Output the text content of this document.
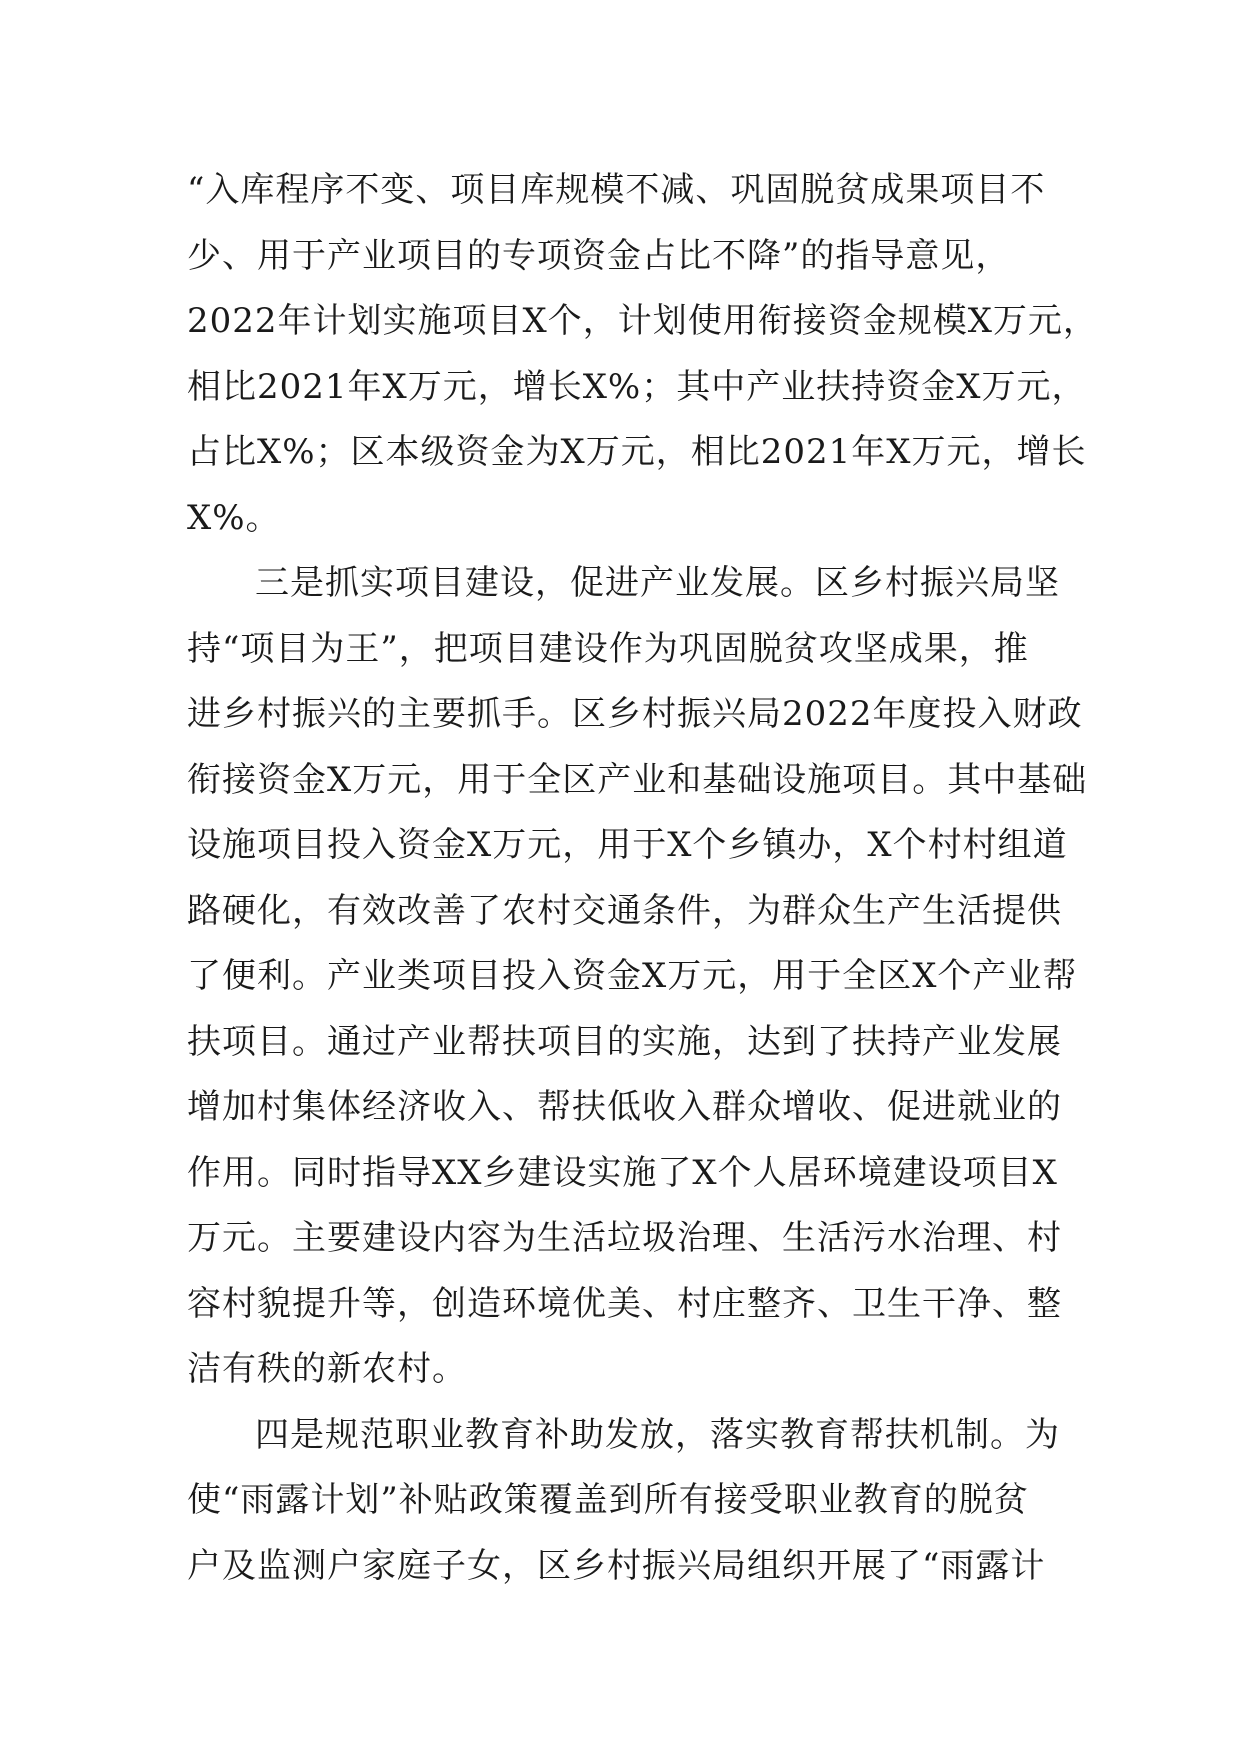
“入库程序不变、项目库规模不减、巩固脱贫成果项目不
少、用于产业项目的专项资金占比不降”的指导意见，
2022年计划实施项目X个，计划使用衔接资金规模X万元，
相比2021年X万元，增长X%；其中产业扶持资金X万元，
占比X%；区本级资金为X万元，相比2021年X万元，增长
X%。
三是抓实项目建设，促进产业发展。区乡村振兴局坚
持“项目为王”，把项目建设作为巩固脱贫攻坚成果，推
进乡村振兴的主要抓手。区乡村振兴局2022年度投入财政
衔接资金X万元，用于全区产业和基础设施项目。其中基础
设施项目投入资金X万元，用于X个乡镇办，X个村村组道
路硬化，有效改善了农村交通条件，为群众生产生活提供
了便利。产业类项目投入资金X万元，用于全区X个产业帮
扶项目。通过产业帮扶项目的实施，达到了扶持产业发展
增加村集体经济收入、帮扶低收入群众增收、促进就业的
作用。同时指导XX乡建设实施了X个人居环境建设项目X
万元。主要建设内容为生活垃圾治理、生活污水治理、村
容村貌提升等，创造环境优美、村庄整齐、卫生干净、整
洁有秩的新农村。
四是规范职业教育补助发放，落实教育帮扶机制。为
使“雨露计划”补贴政策覆盖到所有接受职业教育的脱贫
户及监测户家庭子女，区乡村振兴局组织开展了“雨露计
